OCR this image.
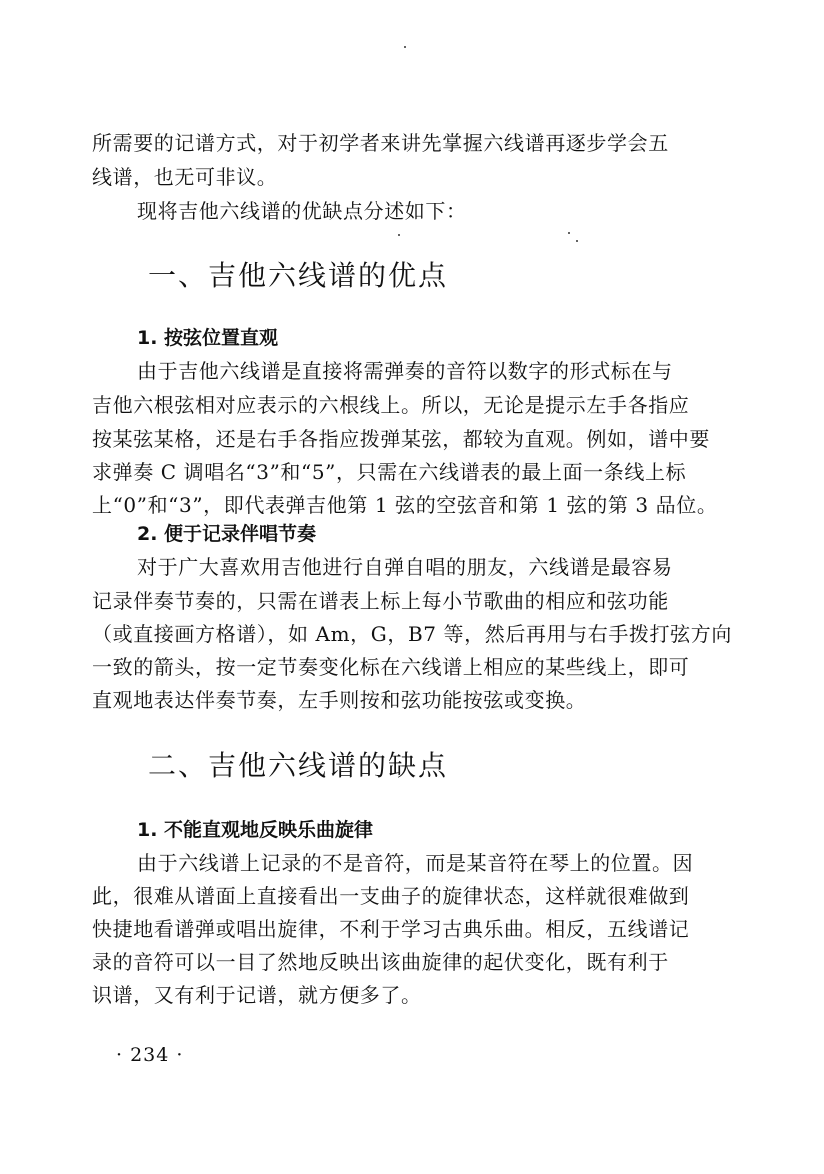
所需要的记谱方式，对于初学者来讲先掌握六线谱再逐步学会五
线谱，也无可非议。
现将吉他六线谱的优缺点分述如下：
一、吉他六线谱的优点
1. 按弦位置直观
由于吉他六线谱是直接将需弹奏的音符以数字的形式标在与
吉他六根弦相对应表示的六根线上。所以，无论是提示左手各指应
按某弦某格，还是右手各指应拨弹某弦，都较为直观。例如，谱中要
求弹奏 C 调唱名“3”和“5”，只需在六线谱表的最上面一条线上标
上“0”和“3”，即代表弹吉他第 1 弦的空弦音和第 1 弦的第 3 品位。
2. 便于记录伴唱节奏
对于广大喜欢用吉他进行自弹自唱的朋友，六线谱是最容易
记录伴奏节奏的，只需在谱表上标上每小节歌曲的相应和弦功能
（或直接画方格谱），如 Am，G，B7 等，然后再用与右手拨打弦方向
一致的箭头，按一定节奏变化标在六线谱上相应的某些线上，即可
直观地表达伴奏节奏，左手则按和弦功能按弦或变换。
二、吉他六线谱的缺点
1. 不能直观地反映乐曲旋律
由于六线谱上记录的不是音符，而是某音符在琴上的位置。因
此，很难从谱面上直接看出一支曲子的旋律状态，这样就很难做到
快捷地看谱弹或唱出旋律，不利于学习古典乐曲。相反，五线谱记
录的音符可以一目了然地反映出该曲旋律的起伏变化，既有利于
识谱，又有利于记谱，就方便多了。
· 234 ·
